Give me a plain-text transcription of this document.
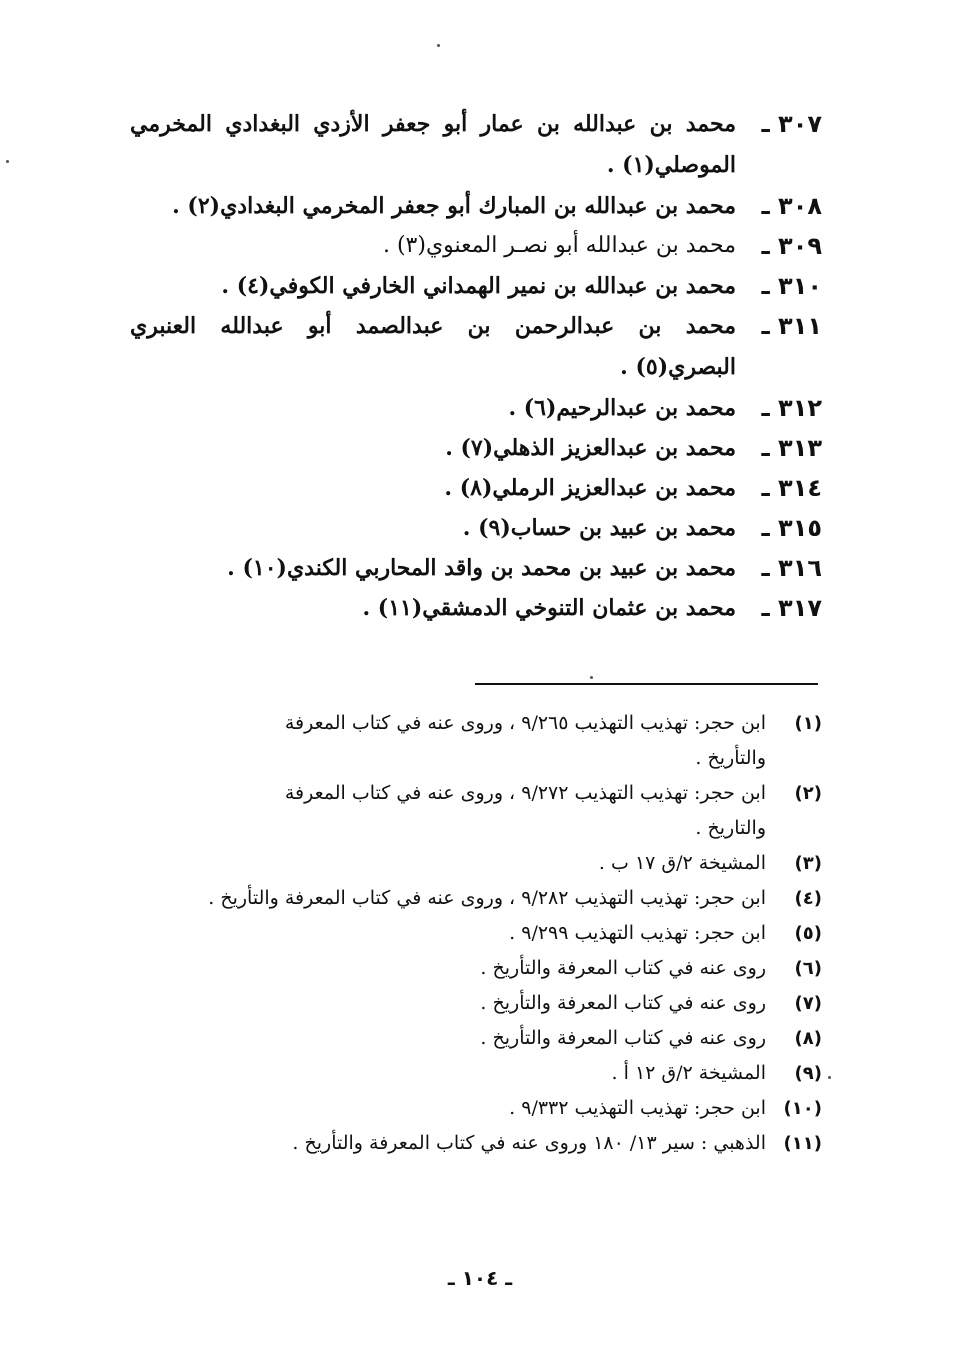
٣٠٧ ـ
محمد بن عبدالله بن عمار أبو جعفر الأزدي البغدادي المخرمي
الموصلي(١) .
٣٠٨ ـ
محمد بن عبدالله بن المبارك أبو جعفر المخرمي البغدادي(٢) .
٣٠٩ ـ
محمد بن عبدالله أبو نصـر المعنوي(٣) .
٣١٠ ـ
محمد بن عبدالله بن نمير الهمداني الخارفي الكوفي(٤) .
٣١١ ـ
محمد بن عبدالرحمن بن عبدالصمد أبو عبدالله العنبري
البصري(٥) .
٣١٢ ـ
محمد بن عبدالرحيم(٦) .
٣١٣ ـ
محمد بن عبدالعزيز الذهلي(٧) .
٣١٤ ـ
محمد بن عبدالعزيز الرملي(٨) .
٣١٥ ـ
محمد بن عبيد بن حساب(٩) .
٣١٦ ـ
محمد بن عبيد بن محمد بن واقد المحاربي الكندي(١٠) .
٣١٧ ـ
محمد بن عثمان التنوخي الدمشقي(١١) .
(١)
ابن حجر: تهذيب التهذيب ٩/٢٦٥ ، وروى عنه في كتاب المعرفة
والتأريخ .
(٢)
ابن حجر: تهذيب التهذيب ٩/٢٧٢ ، وروى عنه في كتاب المعرفة
والتاريخ .
(٣)
المشيخة ٢/ق ١٧ ب .
(٤)
ابن حجر: تهذيب التهذيب ٩/٢٨٢ ، وروى عنه في كتاب المعرفة والتأريخ .
(٥)
ابن حجر: تهذيب التهذيب ٩/٢٩٩ .
(٦)
روى عنه في كتاب المعرفة والتأريخ .
(٧)
روى عنه في كتاب المعرفة والتأريخ .
(٨)
روى عنه في كتاب المعرفة والتأريخ .
(٩)
المشيخة ٢/ق ١٢ أ .
(١٠)
ابن حجر: تهذيب التهذيب ٩/٣٣٢ .
(١١)
الذهبي : سير ١٣/ ١٨٠ وروى عنه في كتاب المعرفة والتأريخ .
ـ ١٠٤ ـ
